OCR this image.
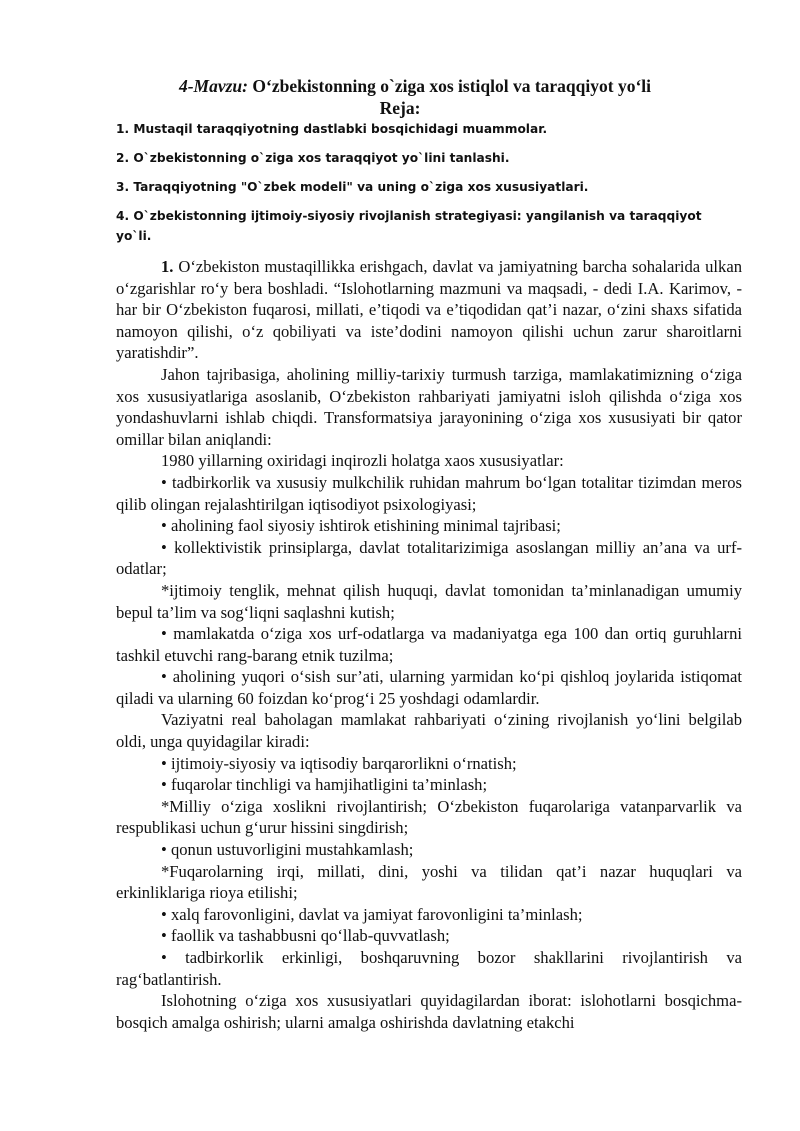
4-Mavzu: O‘zbekistonning o`ziga xos istiqlol va taraqqiyot yo‘li
Reja:
1. Mustaqil taraqqiyotning dastlabki bosqichidagi muammolar.
2. O`zbekistonning o`ziga xos taraqqiyot yo`lini tanlashi.
3. Taraqqiyotning "O`zbek modeli" va uning o`ziga xos xususiyatlari.
4. O`zbekistonning ijtimoiy-siyosiy rivojlanish strategiyasi: yangilanish va taraqqiyot yo`li.

1. O‘zbekiston mustaqillikka erishgach, davlat va jamiyatning barcha sohalarida ulkan o‘zgarishlar ro‘y bera boshladi. “Islohotlarning mazmuni va maqsadi, - dedi I.A. Karimov, - har bir O‘zbekiston fuqarosi, millati, e’tiqodi va e’tiqodidan qat’i nazar, o‘zini shaxs sifatida namoyon qilishi, o‘z qobiliyati va iste’dodini namoyon qilishi uchun zarur sharoitlarni yaratishdir”.

Jahon tajribasiga, aholining milliy-tarixiy turmush tarziga, mamlakatimizning o‘ziga xos xususiyatlariga asoslanib, O‘zbekiston rahbariyati jamiyatni isloh qilishda o‘ziga xos yondashuvlarni ishlab chiqdi. Transformatsiya jarayonining o‘ziga xos xususiyati bir qator omillar bilan aniqlandi:

1980 yillarning oxiridagi inqirozli holatga xaos xususiyatlar:

• tadbirkorlik va xususiy mulkchilik ruhidan mahrum bo‘lgan totalitar tizimdan meros qilib olingan rejalashtirilgan iqtisodiyot psixologiyasi;

• aholining faol siyosiy ishtirok etishining minimal tajribasi;

• kollektivistik prinsiplarga, davlat totalitarizimiga asoslangan milliy an’ana va urf-odatlar;

*ijtimoiy tenglik, mehnat qilish huquqi, davlat tomonidan ta’minlanadigan umumiy bepul ta’lim va sog‘liqni saqlashni kutish;

• mamlakatda o‘ziga xos urf-odatlarga va madaniyatga ega 100 dan ortiq guruhlarni tashkil etuvchi rang-barang etnik tuzilma;

• aholining yuqori o‘sish sur’ati, ularning yarmidan ko‘pi qishloq joylarida istiqomat qiladi va ularning 60 foizdan ko‘prog‘i 25 yoshdagi odamlardir.

Vaziyatni real baholagan mamlakat rahbariyati o‘zining rivojlanish yo‘lini belgilab oldi, unga quyidagilar kiradi:

• ijtimoiy-siyosiy va iqtisodiy barqarorlikni o‘rnatish;

• fuqarolar tinchligi va hamjihatligini ta’minlash;

*Milliy o‘ziga xoslikni rivojlantirish; O‘zbekiston fuqarolariga vatanparvarlik va respublikasi uchun g‘urur hissini singdirish;

• qonun ustuvorligini mustahkamlash;

*Fuqarolarning irqi, millati, dini, yoshi va tilidan qat’i nazar huquqlari va erkinliklariga rioya etilishi;

• xalq farovonligini, davlat va jamiyat farovonligini ta’minlash;

• faollik va tashabbusni qo‘llab-quvvatlash;

• tadbirkorlik erkinligi, boshqaruvning bozor shakllarini rivojlantirish va rag‘batlantirish.

Islohotning o‘ziga xos xususiyatlari quyidagilardan iborat: islohotlarni bosqichma-bosqich amalga oshirish; ularni amalga oshirishda davlatning etakchi
